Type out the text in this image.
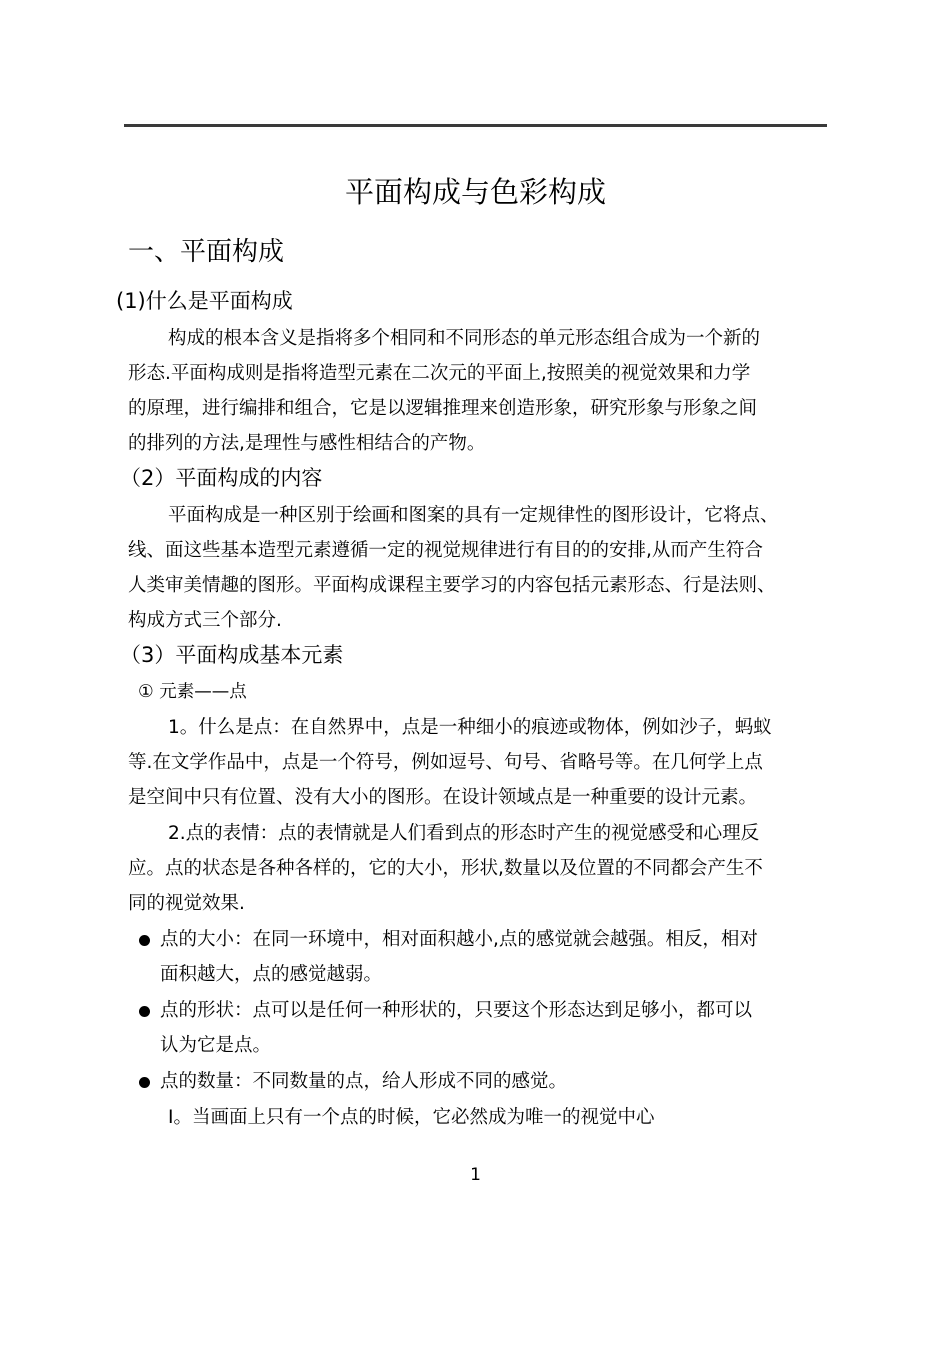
平面构成与色彩构成
一、平面构成
(1)什么是平面构成
构成的根本含义是指将多个相同和不同形态的单元形态组合成为一个新的
形态.平面构成则是指将造型元素在二次元的平面上,按照美的视觉效果和力学
的原理，进行编排和组合，它是以逻辑推理来创造形象，研究形象与形象之间
的排列的方法,是理性与感性相结合的产物。
（2）平面构成的内容
平面构成是一种区别于绘画和图案的具有一定规律性的图形设计，它将点、
线、面这些基本造型元素遵循一定的视觉规律进行有目的的安排,从而产生符合
人类审美情趣的图形。平面构成课程主要学习的内容包括元素形态、行是法则、
构成方式三个部分.
（3）平面构成基本元素
① 元素——点
1。什么是点：在自然界中，点是一种细小的痕迹或物体，例如沙子，蚂蚁
等.在文学作品中，点是一个符号，例如逗号、句号、省略号等。在几何学上点
是空间中只有位置、没有大小的图形。在设计领域点是一种重要的设计元素。
2.点的表情：点的表情就是人们看到点的形态时产生的视觉感受和心理反
应。点的状态是各种各样的，它的大小，形状,数量以及位置的不同都会产生不
同的视觉效果.
点的大小：在同一环境中，相对面积越小,点的感觉就会越强。相反，相对
面积越大，点的感觉越弱。
点的形状：点可以是任何一种形状的，只要这个形态达到足够小，都可以
认为它是点。
点的数量：不同数量的点，给人形成不同的感觉。
I。当画面上只有一个点的时候，它必然成为唯一的视觉中心
1
